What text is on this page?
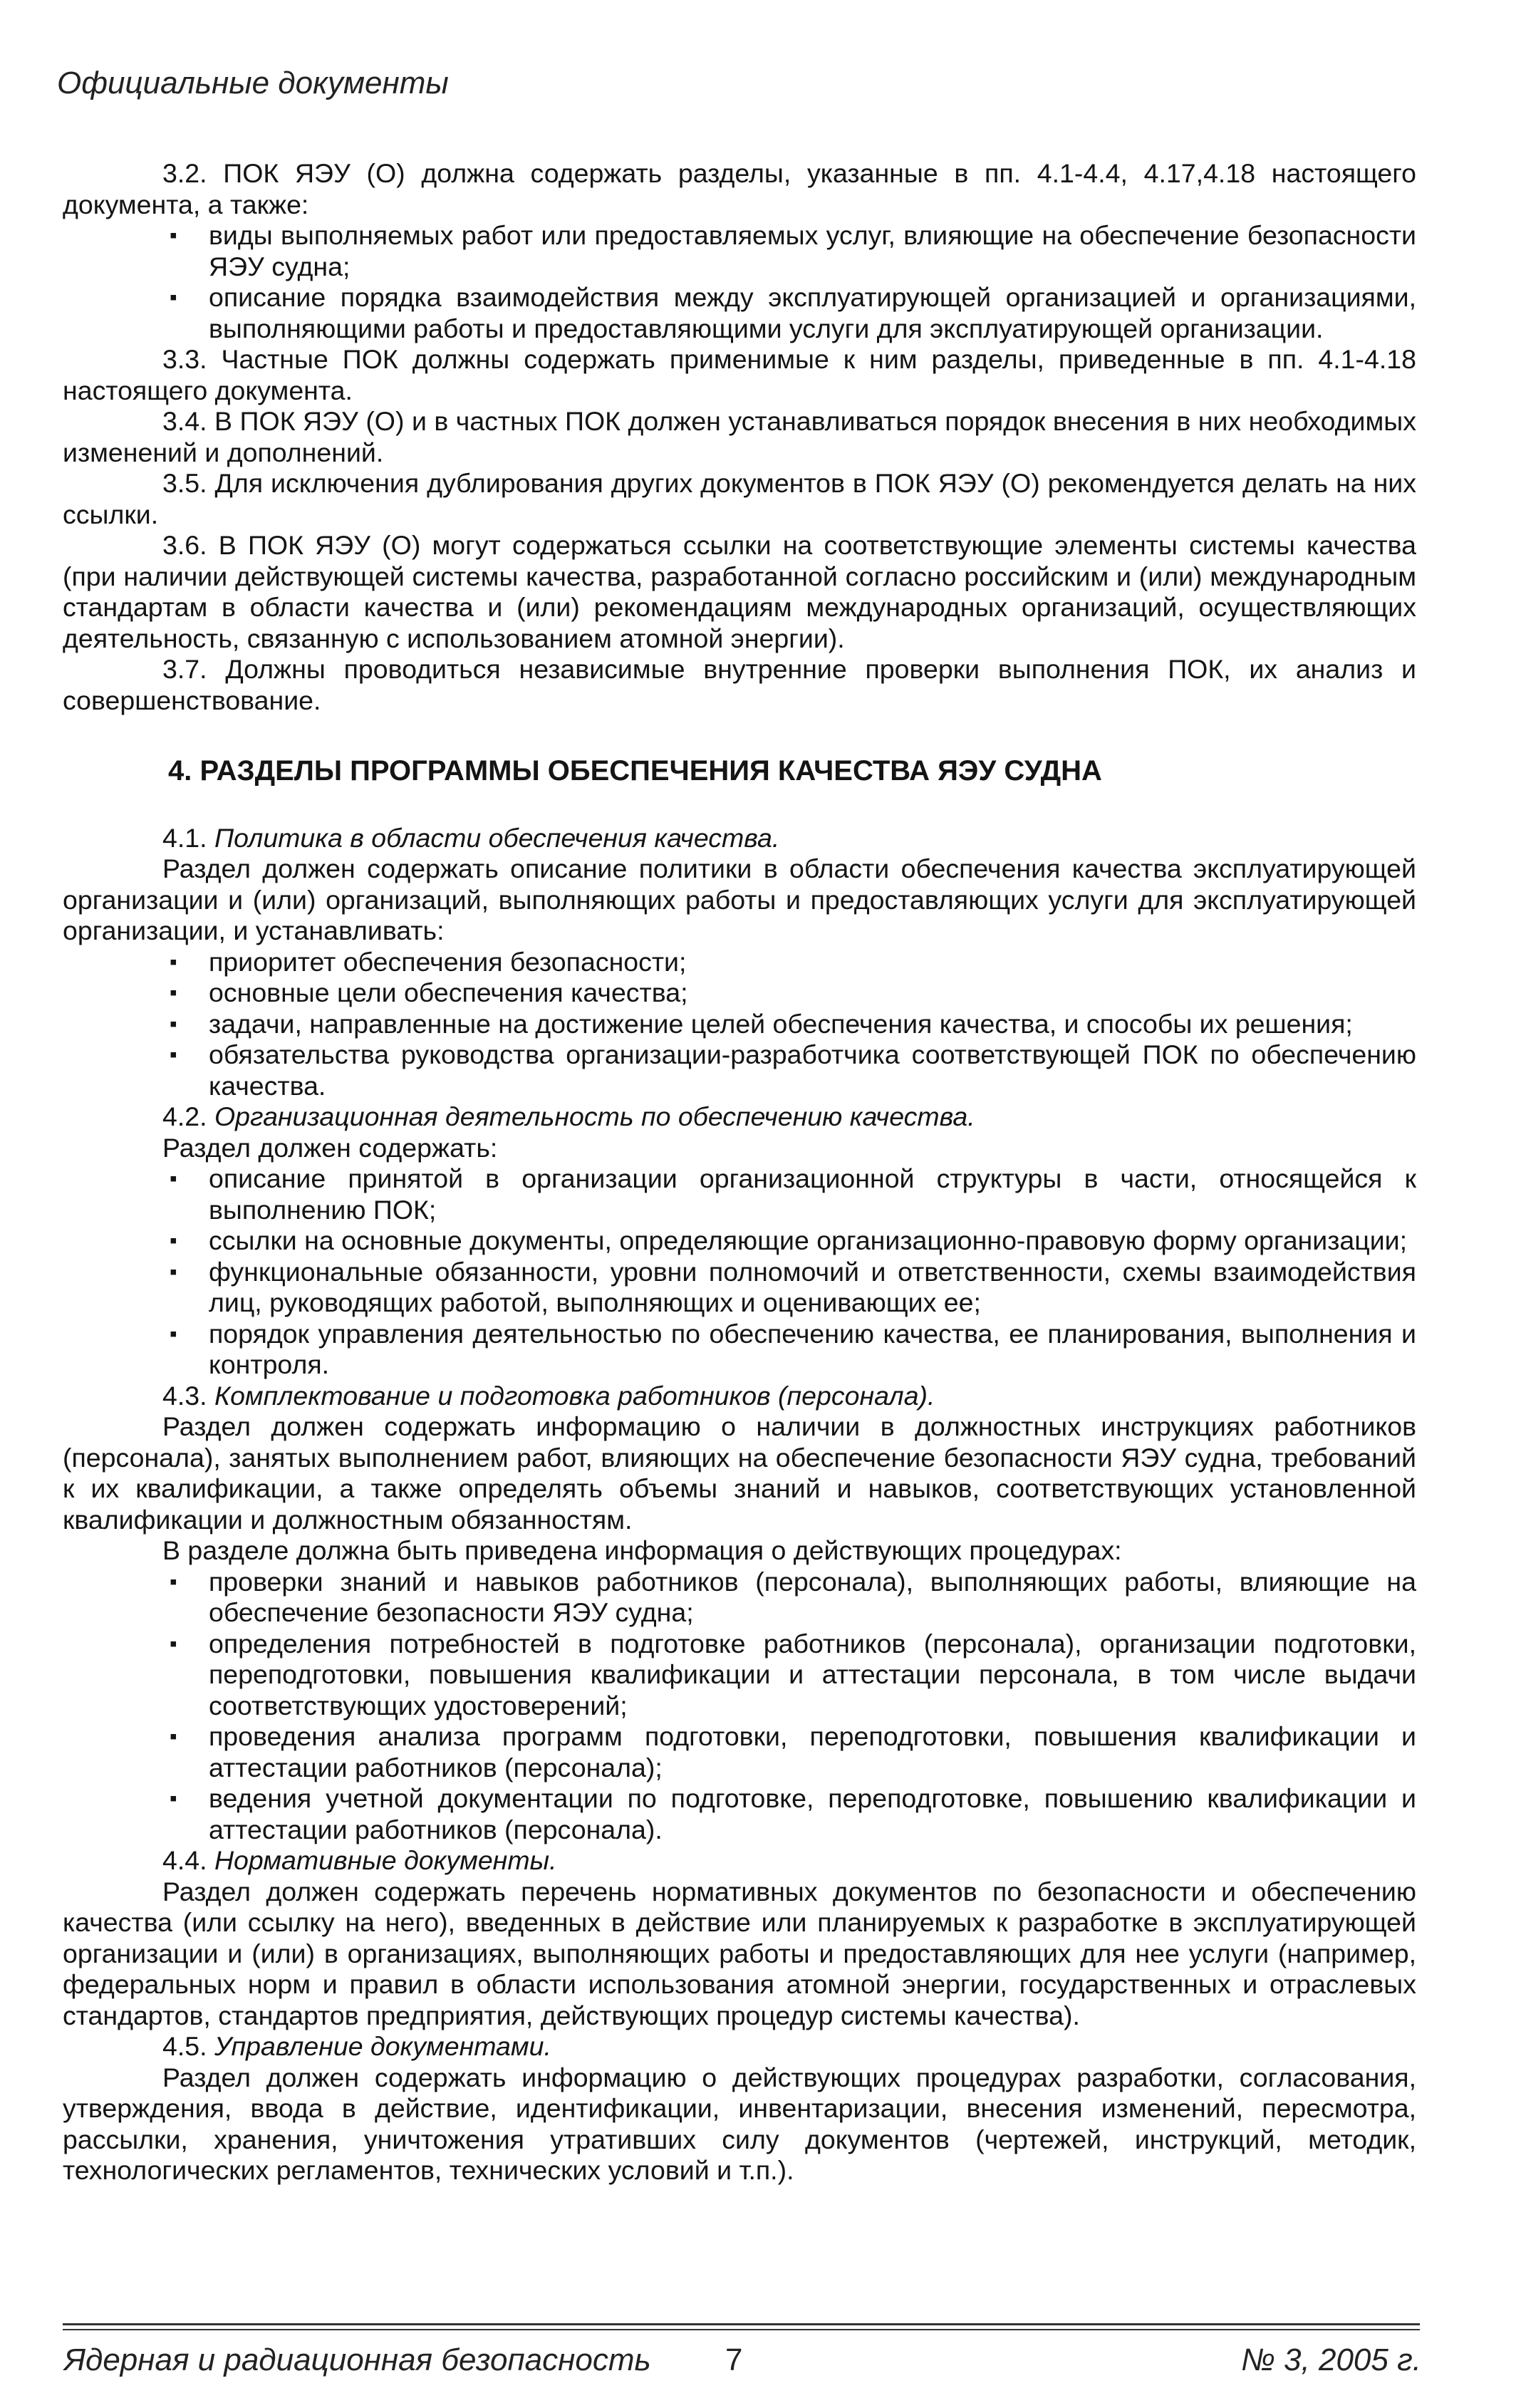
Официальные документы

3.2. ПОК ЯЭУ (О) должна содержать разделы, указанные в пп. 4.1-4.4, 4.17,4.18 настоящего документа, а также:

▪ виды выполняемых работ или предоставляемых услуг, влияющие на обеспечение безопасности ЯЭУ судна;

▪ описание порядка взаимодействия между эксплуатирующей организацией и организациями, выполняющими работы и предоставляющими услуги для эксплуатирующей организации.

3.3. Частные ПОК должны содержать применимые к ним разделы, приведенные в пп. 4.1-4.18 настоящего документа.

3.4. В ПОК ЯЭУ (О) и в частных ПОК должен устанавливаться порядок внесения в них необходимых изменений и дополнений.

3.5. Для исключения дублирования других документов в ПОК ЯЭУ (О) рекомендуется делать на них ссылки.

3.6. В ПОК ЯЭУ (О) могут содержаться ссылки на соответствующие элементы системы качества (при наличии действующей системы качества, разработанной согласно российским и (или) международным стандартам в области качества и (или) рекомендациям международных организаций, осуществляющих деятельность, связанную с использованием атомной энергии).

3.7. Должны проводиться независимые внутренние проверки выполнения ПОК, их анализ и совершенствование.

4. РАЗДЕЛЫ ПРОГРАММЫ ОБЕСПЕЧЕНИЯ КАЧЕСТВА ЯЭУ СУДНА

4.1. Политика в области обеспечения качества.

Раздел должен содержать описание политики в области обеспечения качества эксплуатирующей организации и (или) организаций, выполняющих работы и предоставляющих услуги для эксплуатирующей организации, и устанавливать:

▪ приоритет обеспечения безопасности;

▪ основные цели обеспечения качества;

▪ задачи, направленные на достижение целей обеспечения качества, и способы их решения;

▪ обязательства руководства организации-разработчика соответствующей ПОК по обеспечению качества.

4.2. Организационная деятельность по обеспечению качества.

Раздел должен содержать:

▪ описание принятой в организации организационной структуры в части, относящейся к выполнению ПОК;

▪ ссылки на основные документы, определяющие организационно-правовую форму организации;

▪ функциональные обязанности, уровни полномочий и ответственности, схемы взаимодействия лиц, руководящих работой, выполняющих и оценивающих ее;

▪ порядок управления деятельностью по обеспечению качества, ее планирования, выполнения и контроля.

4.3. Комплектование и подготовка работников (персонала).

Раздел должен содержать информацию о наличии в должностных инструкциях работников (персонала), занятых выполнением работ, влияющих на обеспечение безопасности ЯЭУ судна, требований к их квалификации, а также определять объемы знаний и навыков, соответствующих установленной квалификации и должностным обязанностям.

В разделе должна быть приведена информация о действующих процедурах:

▪ проверки знаний и навыков работников (персонала), выполняющих работы, влияющие на обеспечение безопасности ЯЭУ судна;

▪ определения потребностей в подготовке работников (персонала), организации подготовки, переподготовки, повышения квалификации и аттестации персонала, в том числе выдачи соответствующих удостоверений;

▪ проведения анализа программ подготовки, переподготовки, повышения квалификации и аттестации работников (персонала);

▪ ведения учетной документации по подготовке, переподготовке, повышению квалификации и аттестации работников (персонала).

4.4. Нормативные документы.

Раздел должен содержать перечень нормативных документов по безопасности и обеспечению качества (или ссылку на него), введенных в действие или планируемых к разработке в эксплуатирующей организации и (или) в организациях, выполняющих работы и предоставляющих для нее услуги (например, федеральных норм и правил в области использования атомной энергии, государственных и отраслевых стандартов, стандартов предприятия, действующих процедур системы качества).

4.5. Управление документами.

Раздел должен содержать информацию о действующих процедурах разработки, согласования, утверждения, ввода в действие, идентификации, инвентаризации, внесения изменений, пересмотра, рассылки, хранения, уничтожения утративших силу документов (чертежей, инструкций, методик, технологических регламентов, технических условий и т.п.).

Ядерная и радиационная безопасность 7	№ 3, 2005 г.
